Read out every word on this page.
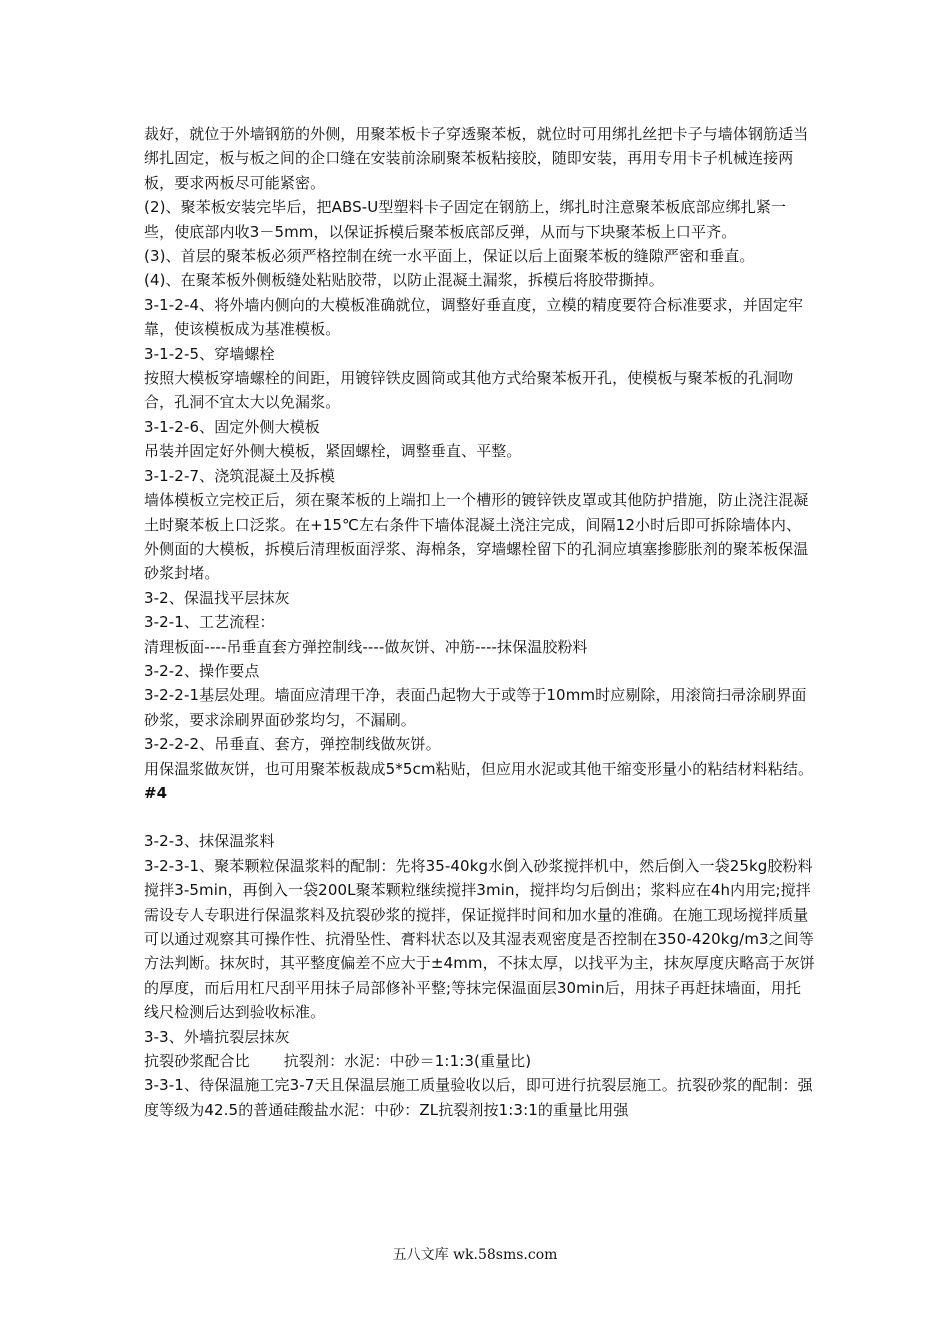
裁好，就位于外墙钢筋的外侧，用聚苯板卡子穿透聚苯板，就位时可用绑扎丝把卡子与墙体钢筋适当绑扎固定，板与板之间的企口缝在安装前涂刷聚苯板粘接胶，随即安装，再用专用卡子机械连接两板，要求两板尽可能紧密。

(2)、聚苯板安装完毕后，把ABS-U型塑料卡子固定在钢筋上，绑扎时注意聚苯板底部应绑扎紧一些，使底部内收3－5mm，以保证拆模后聚苯板底部反弹，从而与下块聚苯板上口平齐。

(3)、首层的聚苯板必须严格控制在统一水平面上，保证以后上面聚苯板的缝隙严密和垂直。

(4)、在聚苯板外侧板缝处粘贴胶带，以防止混凝土漏浆，拆模后将胶带撕掉。

3-1-2-4、将外墙内侧向的大模板准确就位，调整好垂直度，立模的精度要符合标准要求，并固定牢靠，使该模板成为基准模板。

3-1-2-5、穿墙螺栓

按照大模板穿墙螺栓的间距，用镀锌铁皮圆筒或其他方式给聚苯板开孔，使模板与聚苯板的孔洞吻合，孔洞不宜太大以免漏浆。

3-1-2-6、固定外侧大模板

吊装并固定好外侧大模板，紧固螺栓，调整垂直、平整。

3-1-2-7、浇筑混凝土及拆模

墙体模板立完校正后，须在聚苯板的上端扣上一个槽形的镀锌铁皮罩或其他防护措施，防止浇注混凝土时聚苯板上口泛浆。在+15℃左右条件下墙体混凝土浇注完成，间隔12小时后即可拆除墙体内、外侧面的大模板，拆模后清理板面浮浆、海棉条，穿墙螺栓留下的孔洞应填塞掺膨胀剂的聚苯板保温砂浆封堵。

3-2、保温找平层抹灰

3-2-1、工艺流程：

清理板面----吊垂直套方弹控制线----做灰饼、冲筋----抹保温胶粉料

3-2-2、操作要点

3-2-2-1基层处理。墙面应清理干净，表面凸起物大于或等于10mm时应剔除，用滚筒扫帚涂刷界面砂浆，要求涂刷界面砂浆均匀，不漏刷。

3-2-2-2、吊垂直、套方，弹控制线做灰饼。

用保温浆做灰饼，也可用聚苯板裁成5*5cm粘贴，但应用水泥或其他干缩变形量小的粘结材料粘结。

#4

3-2-3、抹保温浆料

3-2-3-1、聚苯颗粒保温浆料的配制：先将35-40kg水倒入砂浆搅拌机中，然后倒入一袋25kg胶粉料搅拌3-5min，再倒入一袋200L聚苯颗粒继续搅拌3min，搅拌均匀后倒出；浆料应在4h内用完;搅拌需设专人专职进行保温浆料及抗裂砂浆的搅拌，保证搅拌时间和加水量的准确。在施工现场搅拌质量可以通过观察其可操作性、抗滑坠性、膏料状态以及其湿表观密度是否控制在350-420kg/m3之间等方法判断。抹灰时，其平整度偏差不应大于±4mm，不抹太厚，以找平为主，抹灰厚度庆略高于灰饼的厚度，而后用杠尺刮平用抹子局部修补平整;等抹完保温面层30min后，用抹子再赶抹墙面，用托线尺检测后达到验收标准。

3-3、外墙抗裂层抹灰

抗裂砂浆配合比       抗裂剂：水泥：中砂＝1:1:3(重量比)

3-3-1、待保温施工完3-7天且保温层施工质量验收以后，即可进行抗裂层施工。抗裂砂浆的配制：强度等级为42.5的普通硅酸盐水泥：中砂：ZL抗裂剂按1:3:1的重量比用强

五八文库 wk.58sms.com
